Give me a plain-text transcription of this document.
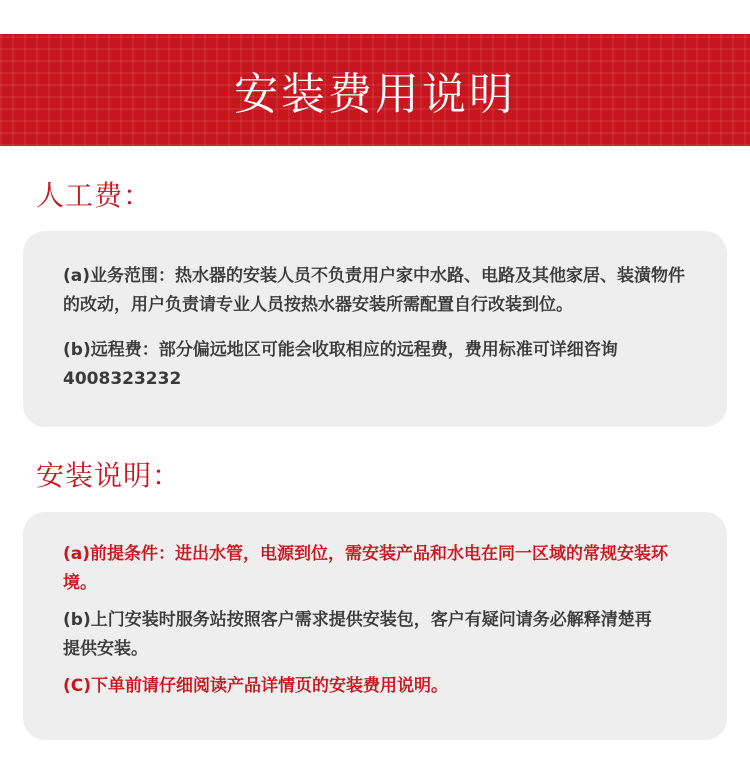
安装费用说明
人工费：

(a)业务范围：热水器的安装人员不负责用户家中水路、电路及其他家居、装潢物件的改动，用户负责请专业人员按热水器安装所需配置自行改装到位。

(b)远程费：部分偏远地区可能会收取相应的远程费，费用标准可详细咨询4008323232

安装说明：

(a)前提条件：进出水管，电源到位，需安装产品和水电在同一区域的常规安装环境。

(b)上门安装时服务站按照客户需求提供安装包，客户有疑问请务必解释清楚再提供安装。

(C)下单前请仔细阅读产品详情页的安装费用说明。
